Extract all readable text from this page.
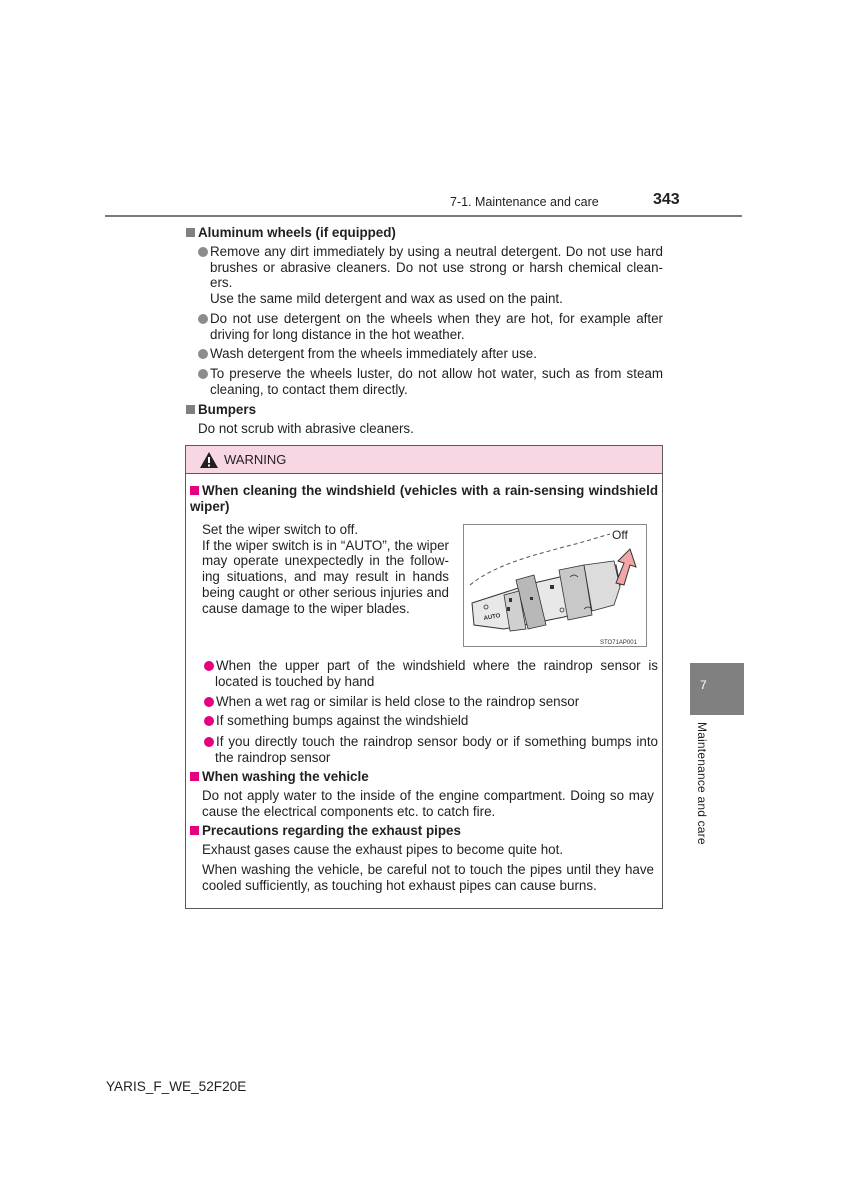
7-1. Maintenance and care	343
Aluminum wheels (if equipped)
Remove any dirt immediately by using a neutral detergent. Do not use hard brushes or abrasive cleaners. Do not use strong or harsh chemical clean-ers.
Use the same mild detergent and wax as used on the paint.
Do not use detergent on the wheels when they are hot, for example after driving for long distance in the hot weather.
Wash detergent from the wheels immediately after use.
To preserve the wheels luster, do not allow hot water, such as from steam cleaning, to contact them directly.
Bumpers
Do not scrub with abrasive cleaners.
WARNING
When cleaning the windshield (vehicles with a rain-sensing windshield wiper)
Set the wiper switch to off.
If the wiper switch is in “AUTO”, the wiper may operate unexpectedly in the follow-ing situations, and may result in hands being caught or other serious injuries and cause damage to the wiper blades.
AUTO
Off
STO71AP001
When the upper part of the windshield where the raindrop sensor is located is touched by hand
When a wet rag or similar is held close to the raindrop sensor
If something bumps against the windshield
If you directly touch the raindrop sensor body or if something bumps into the raindrop sensor
When washing the vehicle
Do not apply water to the inside of the engine compartment. Doing so may cause the electrical components etc. to catch fire.
Precautions regarding the exhaust pipes
Exhaust gases cause the exhaust pipes to become quite hot.
When washing the vehicle, be careful not to touch the pipes until they have cooled sufficiently, as touching hot exhaust pipes can cause burns.
7
Maintenance and care
YARIS_F_WE_52F20E
